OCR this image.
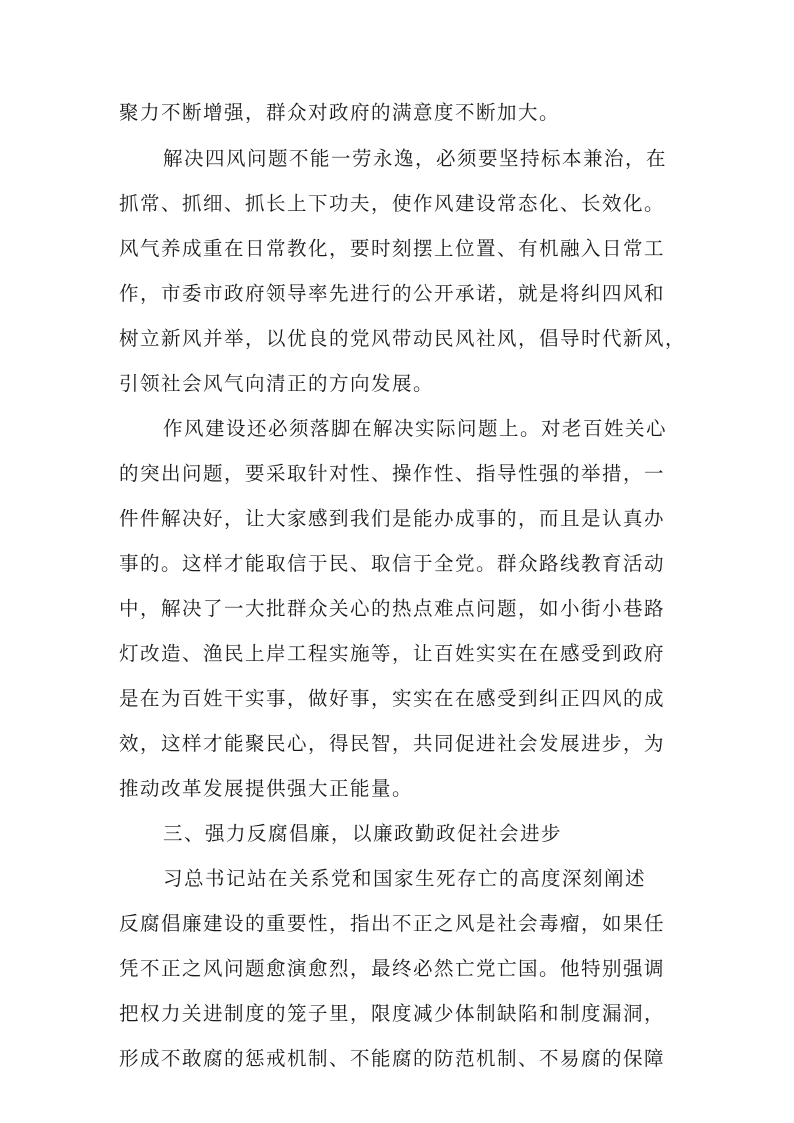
聚力不断增强，群众对政府的满意度不断加大。
解决四风问题不能一劳永逸，必须要坚持标本兼治，在
抓常、抓细、抓长上下功夫，使作风建设常态化、长效化。
风气养成重在日常教化，要时刻摆上位置、有机融入日常工
作，市委市政府领导率先进行的公开承诺，就是将纠四风和
树立新风并举，以优良的党风带动民风社风，倡导时代新风，
引领社会风气向清正的方向发展。
作风建设还必须落脚在解决实际问题上。对老百姓关心
的突出问题，要采取针对性、操作性、指导性强的举措，一
件件解决好，让大家感到我们是能办成事的，而且是认真办
事的。这样才能取信于民、取信于全党。群众路线教育活动
中，解决了一大批群众关心的热点难点问题，如小街小巷路
灯改造、渔民上岸工程实施等，让百姓实实在在感受到政府
是在为百姓干实事，做好事，实实在在感受到纠正四风的成
效，这样才能聚民心，得民智，共同促进社会发展进步，为
推动改革发展提供强大正能量。
三、强力反腐倡廉，以廉政勤政促社会进步
习总书记站在关系党和国家生死存亡的高度深刻阐述
反腐倡廉建设的重要性，指出不正之风是社会毒瘤，如果任
凭不正之风问题愈演愈烈，最终必然亡党亡国。他特别强调
把权力关进制度的笼子里，限度减少体制缺陷和制度漏洞，
形成不敢腐的惩戒机制、不能腐的防范机制、不易腐的保障
